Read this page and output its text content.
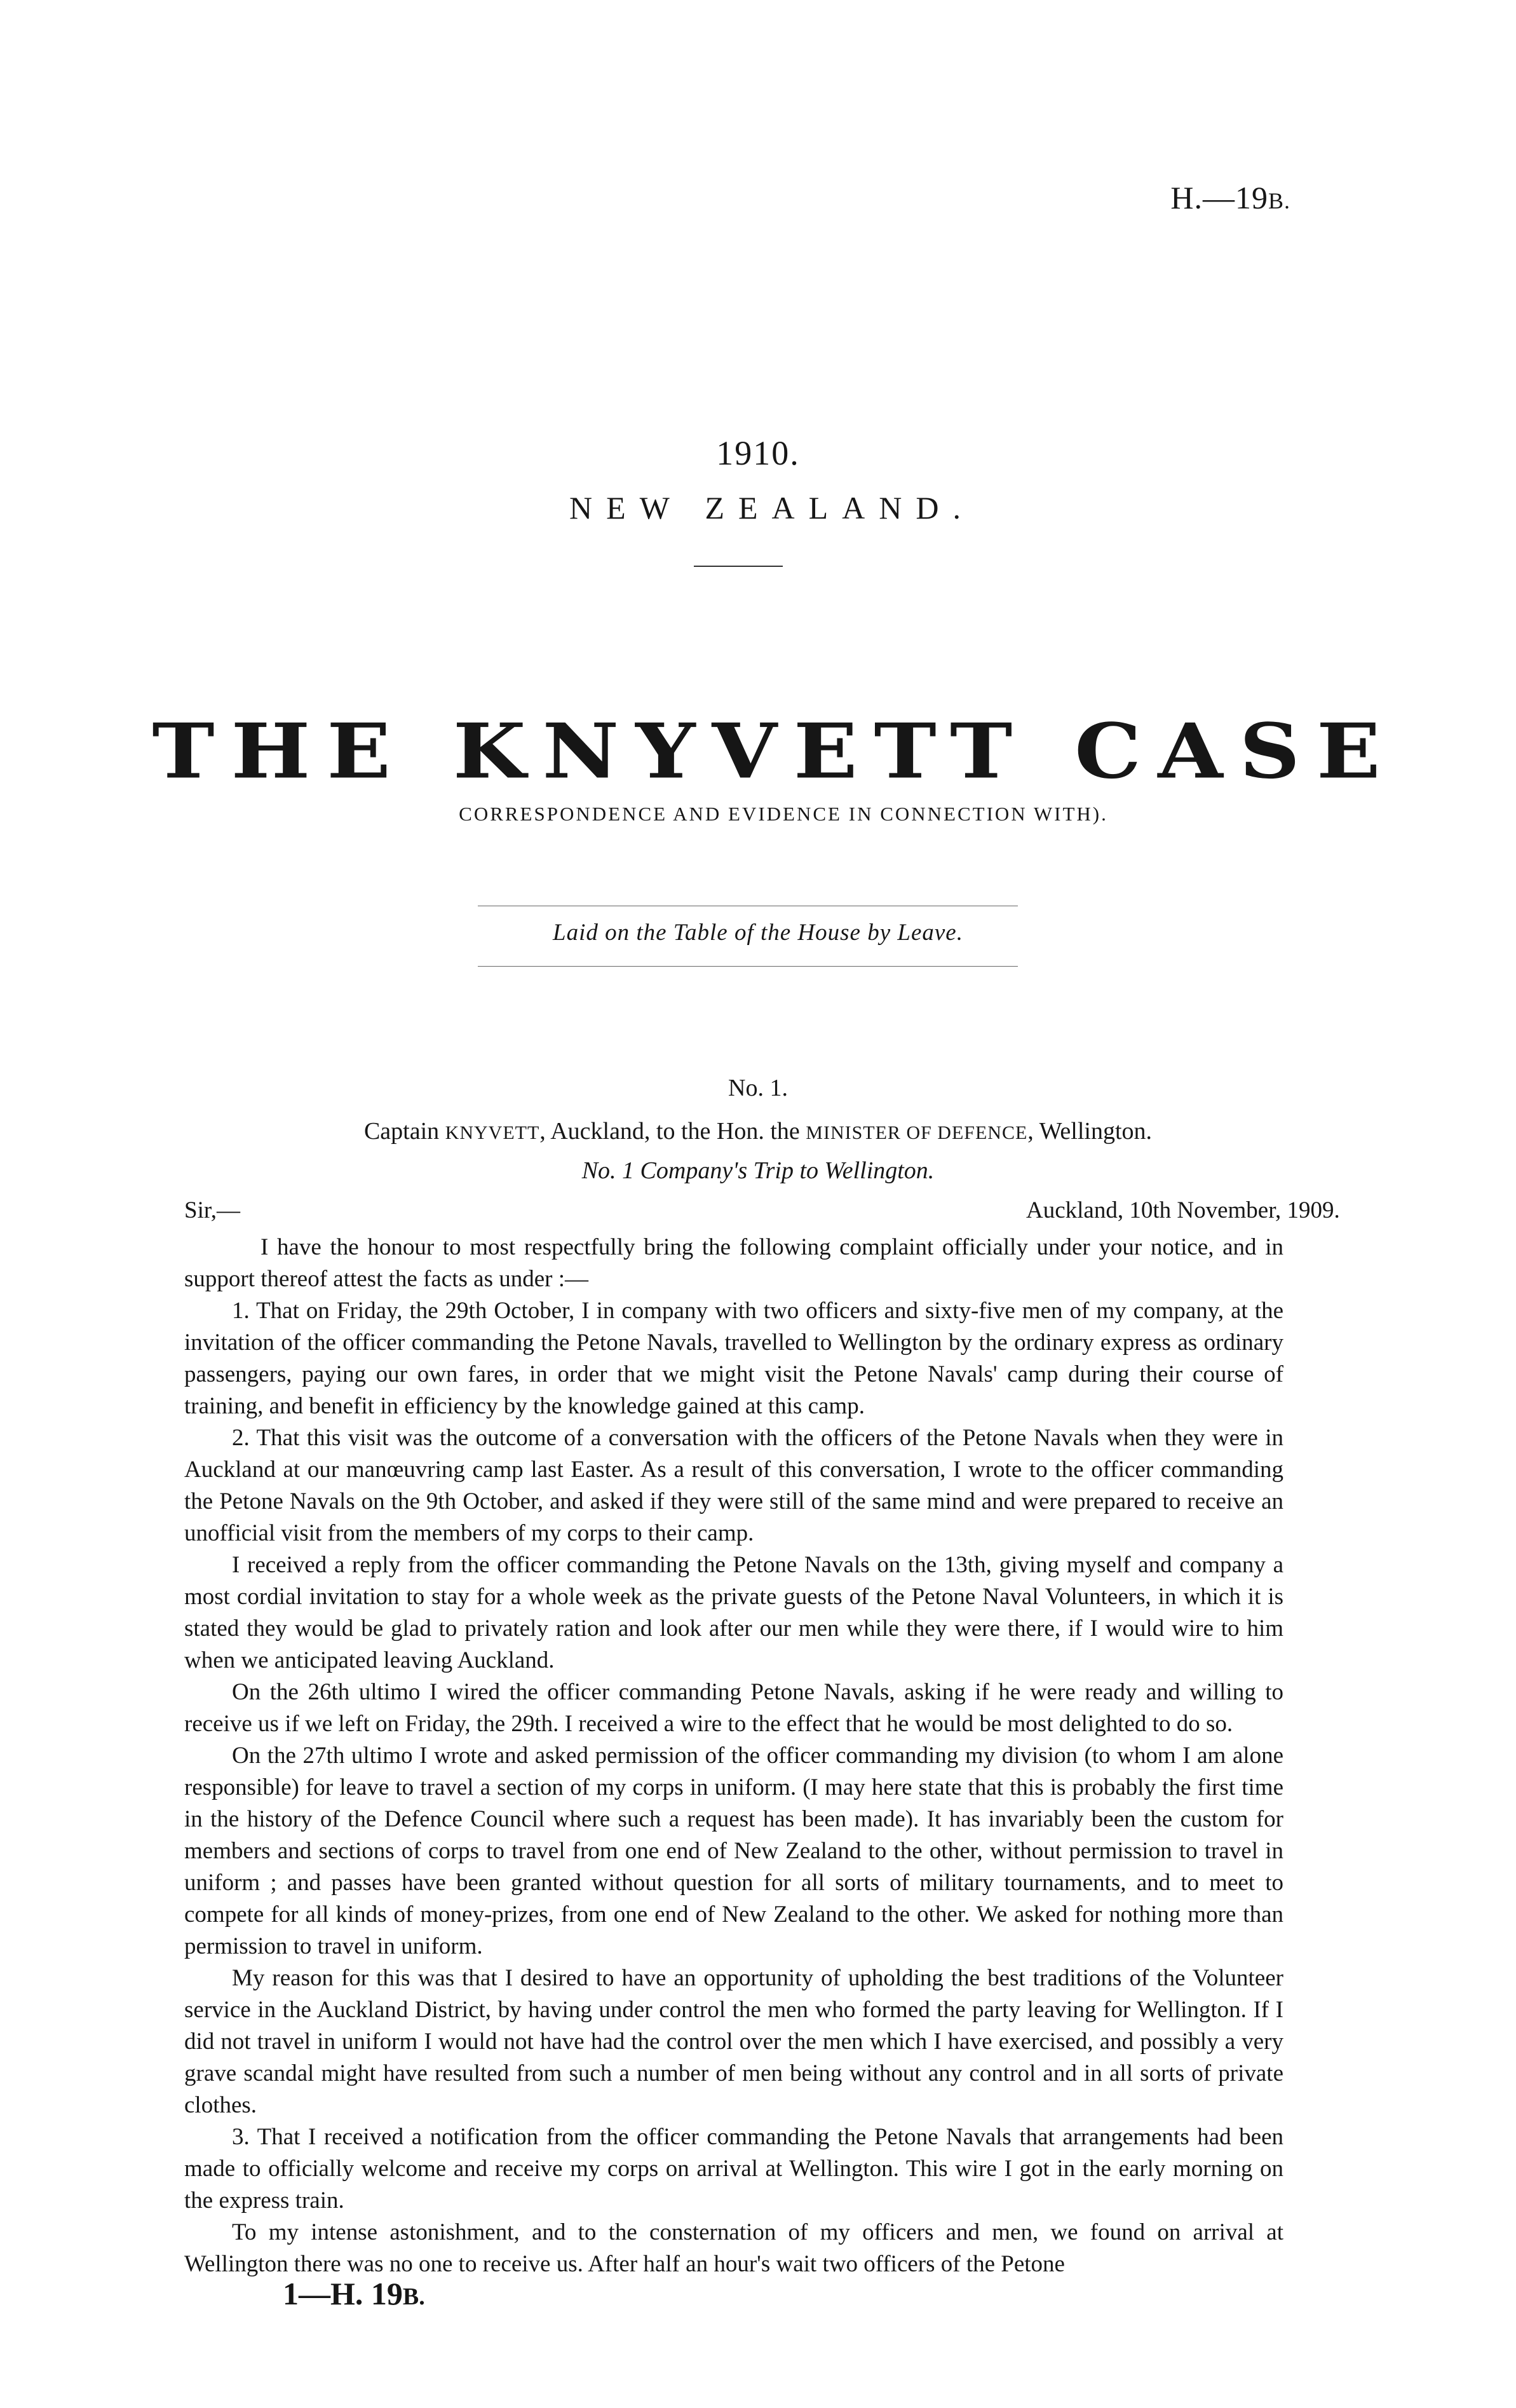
H.—19B.
1910.
NEW ZEALAND.
THE KNYVETT CASE
CORRESPONDENCE AND EVIDENCE IN CONNECTION WITH).
Laid on the Table of the House by Leave.
No. 1.
Captain KNYVETT, Auckland, to the Hon. the MINISTER OF DEFENCE, Wellington.
No. 1 Company's Trip to Wellington.
Sir,—	Auckland, 10th November, 1909.

I have the honour to most respectfully bring the following complaint officially under your notice, and in support thereof attest the facts as under :—

1. That on Friday, the 29th October, I in company with two officers and sixty-five men of my company, at the invitation of the officer commanding the Petone Navals, travelled to Wellington by the ordinary express as ordinary passengers, paying our own fares, in order that we might visit the Petone Navals' camp during their course of training, and benefit in efficiency by the knowledge gained at this camp.

2. That this visit was the outcome of a conversation with the officers of the Petone Navals when they were in Auckland at our manœuvring camp last Easter. As a result of this conversation, I wrote to the officer commanding the Petone Navals on the 9th October, and asked if they were still of the same mind and were prepared to receive an unofficial visit from the members of my corps to their camp.

I received a reply from the officer commanding the Petone Navals on the 13th, giving myself and company a most cordial invitation to stay for a whole week as the private guests of the Petone Naval Volunteers, in which it is stated they would be glad to privately ration and look after our men while they were there, if I would wire to him when we anticipated leaving Auckland.

On the 26th ultimo I wired the officer commanding Petone Navals, asking if he were ready and willing to receive us if we left on Friday, the 29th. I received a wire to the effect that he would be most delighted to do so.

On the 27th ultimo I wrote and asked permission of the officer commanding my division (to whom I am alone responsible) for leave to travel a section of my corps in uniform. (I may here state that this is probably the first time in the history of the Defence Council where such a request has been made). It has invariably been the custom for members and sections of corps to travel from one end of New Zealand to the other, without permission to travel in uniform ; and passes have been granted without question for all sorts of military tournaments, and to meet to compete for all kinds of money-prizes, from one end of New Zealand to the other. We asked for nothing more than permission to travel in uniform.

My reason for this was that I desired to have an opportunity of upholding the best traditions of the Volunteer service in the Auckland District, by having under control the men who formed the party leaving for Wellington. If I did not travel in uniform I would not have had the control over the men which I have exercised, and possibly a very grave scandal might have resulted from such a number of men being without any control and in all sorts of private clothes.

3. That I received a notification from the officer commanding the Petone Navals that arrangements had been made to officially welcome and receive my corps on arrival at Wellington. This wire I got in the early morning on the express train.

To my intense astonishment, and to the consternation of my officers and men, we found on arrival at Wellington there was no one to receive us. After half an hour's wait two officers of the Petone

1—H. 19B.
